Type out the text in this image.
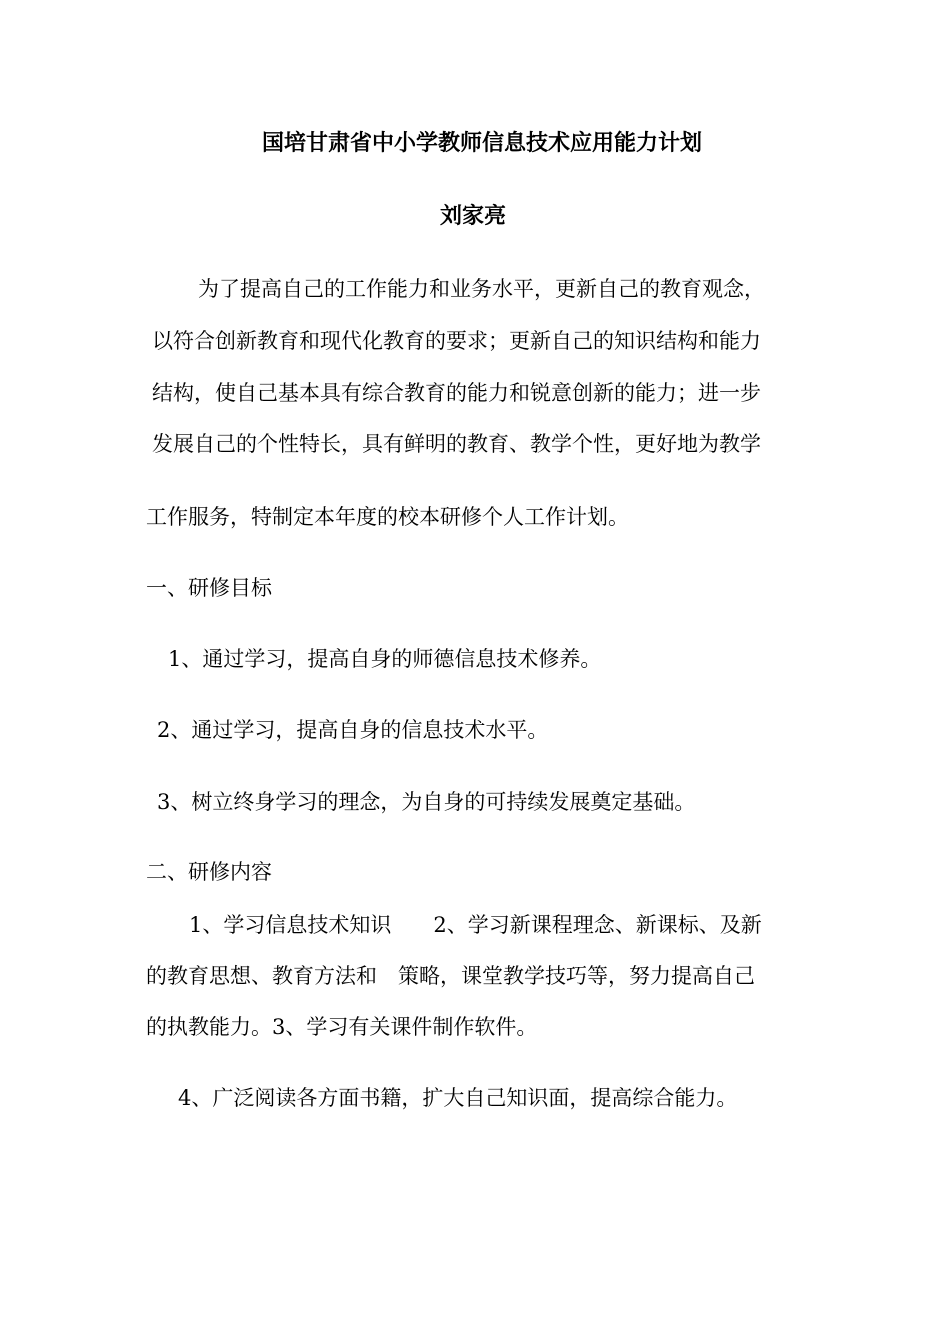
国培甘肃省中小学教师信息技术应用能力计划
刘家亮
为了提高自己的工作能力和业务水平，更新自己的教育观念，
以符合创新教育和现代化教育的要求；更新自己的知识结构和能力
结构，使自己基本具有综合教育的能力和锐意创新的能力；进一步
发展自己的个性特长，具有鲜明的教育、教学个性，更好地为教学
工作服务，特制定本年度的校本研修个人工作计划。
一、研修目标
1、通过学习，提高自身的师德信息技术修养。
2、通过学习，提高自身的信息技术水平。
3、树立终身学习的理念，为自身的可持续发展奠定基础。
二、研修内容
1、学习信息技术知识　　2、学习新课程理念、新课标、及新
的教育思想、教育方法和　策略，课堂教学技巧等，努力提高自己
的执教能力。3、学习有关课件制作软件。
4、广泛阅读各方面书籍，扩大自己知识面，提高综合能力。
